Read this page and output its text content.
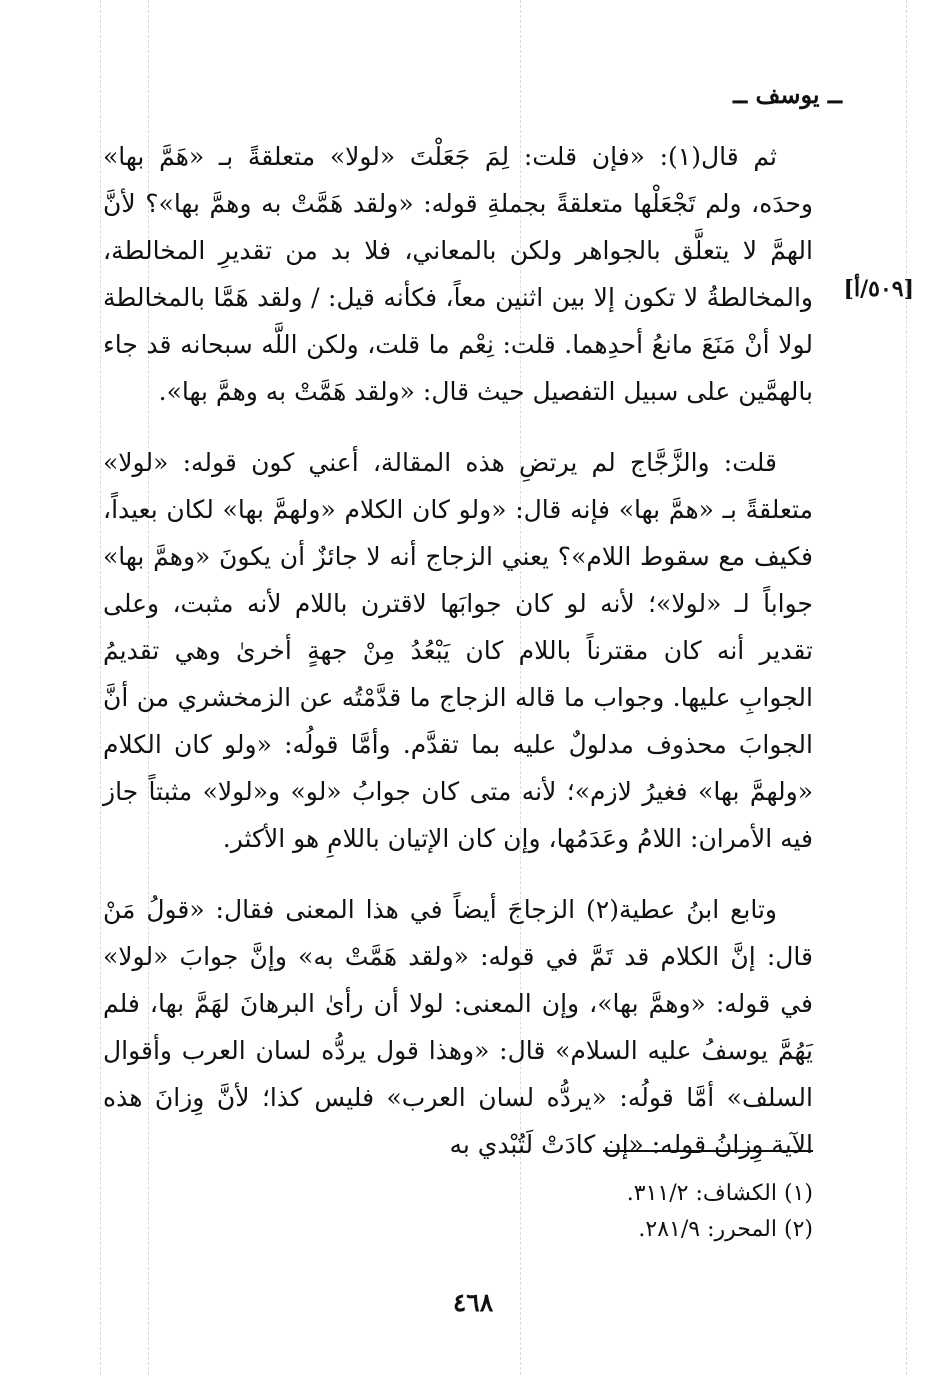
ــ يوسف ــ
[٥٠٩/أ]

ثم قال(١): «فإن قلت: لِمَ جَعَلْتَ «لولا» متعلقةً بـ «هَمَّ بها» وحدَه، ولم تَجْعَلْها متعلقةً بجملةِ قوله: «ولقد هَمَّتْ به وهمَّ بها»؟ لأنَّ الهمَّ لا يتعلَّق بالجواهر ولكن بالمعاني، فلا بد من تقديرِ المخالطة، والمخالطةُ لا تكون إلا بين اثنين معاً، فكأنه قيل: / ولقد هَمَّا بالمخالطة لولا أنْ مَنَعَ مانعُ أحدِهما. قلت: نِعْم ما قلت، ولكن اللَّه سبحانه قد جاء بالهمَّين على سبيل التفصيل حيث قال: «ولقد هَمَّتْ به وهمَّ بها».

قلت: والزَّجَّاج لم يرتضِ هذه المقالة، أعني كون قوله: «لولا» متعلقةً بـ «همَّ بها» فإنه قال: «ولو كان الكلام «ولهمَّ بها» لكان بعيداً، فكيف مع سقوط اللام»؟ يعني الزجاج أنه لا جائزٌ أن يكونَ «وهمَّ بها» جواباً لـ «لولا»؛ لأنه لو كان جوابَها لاقترن باللام لأنه مثبت، وعلى تقدير أنه كان مقترناً باللام كان يَبْعُدُ مِنْ جهةٍ أخرىٰ وهي تقديمُ الجوابِ عليها. وجواب ما قاله الزجاج ما قدَّمْتُه عن الزمخشري من أنَّ الجوابَ محذوف مدلولٌ عليه بما تقدَّم. وأمَّا قولُه: «ولو كان الكلام «ولهمَّ بها» فغيرُ لازم»؛ لأنه متى كان جوابُ «لو» و«لولا» مثبتاً جاز فيه الأمران: اللامُ وعَدَمُها، وإن كان الإتيان باللامِ هو الأكثر.

وتابع ابنُ عطية(٢) الزجاجَ أيضاً في هذا المعنى فقال: «قولُ مَنْ قال: إنَّ الكلام قد تَمَّ في قوله: «ولقد هَمَّتْ به» وإنَّ جوابَ «لولا» في قوله: «وهمَّ بها»، وإن المعنى: لولا أن رأىٰ البرهانَ لهَمَّ بها، فلم يَهُمَّ يوسفُ عليه السلام» قال: «وهذا قول يردُّه لسان العرب وأقوال السلف» أمَّا قولُه: «يردُّه لسان العرب» فليس كذا؛ لأنَّ وِزانَ هذه الآية وِزانُ قوله: «إن كادَتْ لَتُبْدي به

(١) الكشاف: ٣١١/٢.

(٢) المحرر: ٢٨١/٩.

٤٦٨
